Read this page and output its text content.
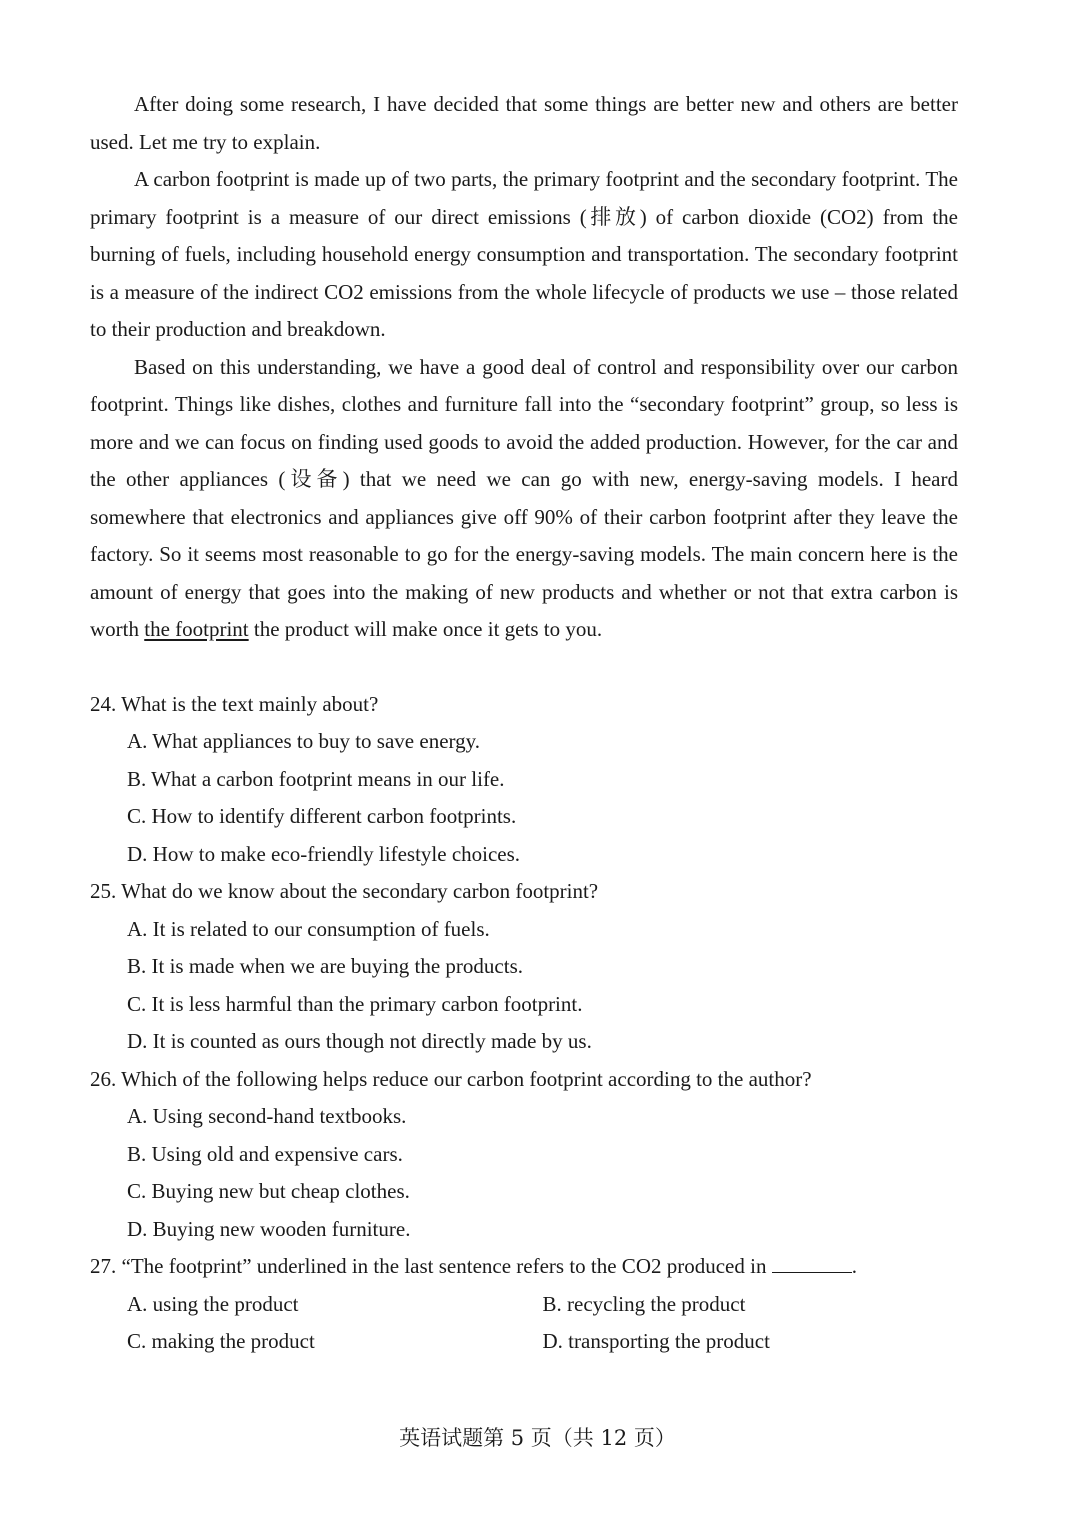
After doing some research, I have decided that some things are better new and others are better used. Let me try to explain.

A carbon footprint is made up of two parts, the primary footprint and the secondary footprint. The primary footprint is a measure of our direct emissions (排放) of carbon dioxide (CO2) from the burning of fuels, including household energy consumption and transportation. The secondary footprint is a measure of the indirect CO2 emissions from the whole lifecycle of products we use – those related to their production and breakdown.

Based on this understanding, we have a good deal of control and responsibility over our carbon footprint. Things like dishes, clothes and furniture fall into the “secondary footprint” group, so less is more and we can focus on finding used goods to avoid the added production. However, for the car and the other appliances (设备) that we need we can go with new, energy-saving models. I heard somewhere that electronics and appliances give off 90% of their carbon footprint after they leave the factory. So it seems most reasonable to go for the energy-saving models. The main concern here is the amount of energy that goes into the making of new products and whether or not that extra carbon is worth the footprint the product will make once it gets to you.

24. What is the text mainly about?

A. What appliances to buy to save energy.

B. What a carbon footprint means in our life.

C. How to identify different carbon footprints.

D. How to make eco-friendly lifestyle choices.

25. What do we know about the secondary carbon footprint?

A. It is related to our consumption of fuels.

B. It is made when we are buying the products.

C. It is less harmful than the primary carbon footprint.

D. It is counted as ours though not directly made by us.

26. Which of the following helps reduce our carbon footprint according to the author?

A. Using second-hand textbooks.

B. Using old and expensive cars.

C. Buying new but cheap clothes.

D. Buying new wooden furniture.

27. “The footprint” underlined in the last sentence refers to the CO2 produced in	.

A. using the product	B. recycling the product
C. making the product	D. transporting the product
英语试题第 5 页（共 12 页）
